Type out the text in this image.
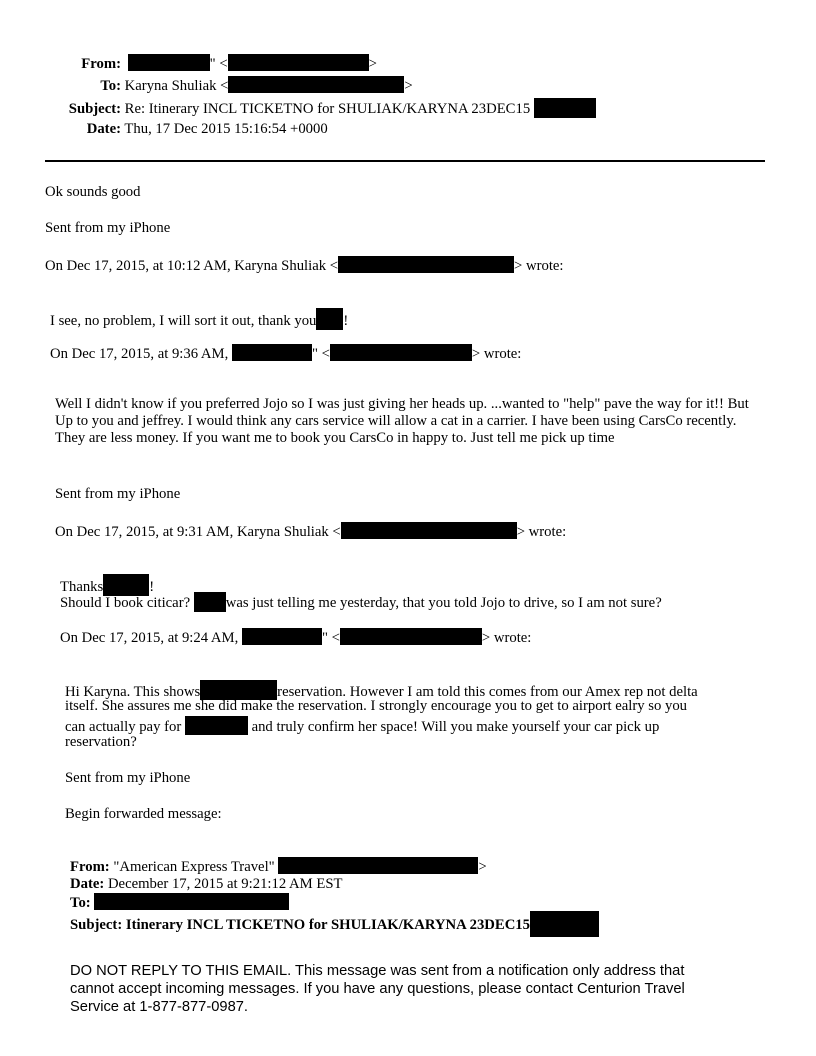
From:	" <	>
To: Karyna Shuliak <	>
Subject: Re: Itinerary INCL TICKETNO for SHULIAK/KARYNA 23DEC15
Date: Thu, 17 Dec 2015 15:16:54 +0000
Ok sounds good
Sent from my iPhone
On Dec 17, 2015, at 10:12 AM, Karyna Shuliak <	> wrote:
I see, no problem, I will sort it out, thank you !
On Dec 17, 2015, at 9:36 AM,	" <	> wrote:
Well I didn't know if you preferred Jojo so I was just giving her heads up. ...wanted to "help" pave the way for it!! But Up to you and jeffrey. I would think any cars service will allow a cat in a carrier. I have been using CarsCo recently. They are less money. If you want me to book you CarsCo in happy to. Just tell me pick up time
Sent from my iPhone
On Dec 17, 2015, at 9:31 AM, Karyna Shuliak <	> wrote:
Thanks	!
Should I book citicar? was just telling me yesterday, that you told Jojo to drive, so I am not sure?
On Dec 17, 2015, at 9:24 AM,	" <	> wrote:
Hi Karyna. This shows	reservation. However I am told this comes from our Amex rep not delta
itself. She assures me she did make the reservation. I strongly encourage you to get to airport ealry so you
can actually pay for	and truly confirm her space! Will you make yourself your car pick up
reservation?
Sent from my iPhone
Begin forwarded message:
From: "American Express Travel"	>
Date: December 17, 2015 at 9:21:12 AM EST
To:
Subject: Itinerary INCL TICKETNO for SHULIAK/KARYNA 23DEC15
DO NOT REPLY TO THIS EMAIL. This message was sent from a notification only address that
cannot accept incoming messages. If you have any questions, please contact Centurion Travel
Service at 1-877-877-0987.
